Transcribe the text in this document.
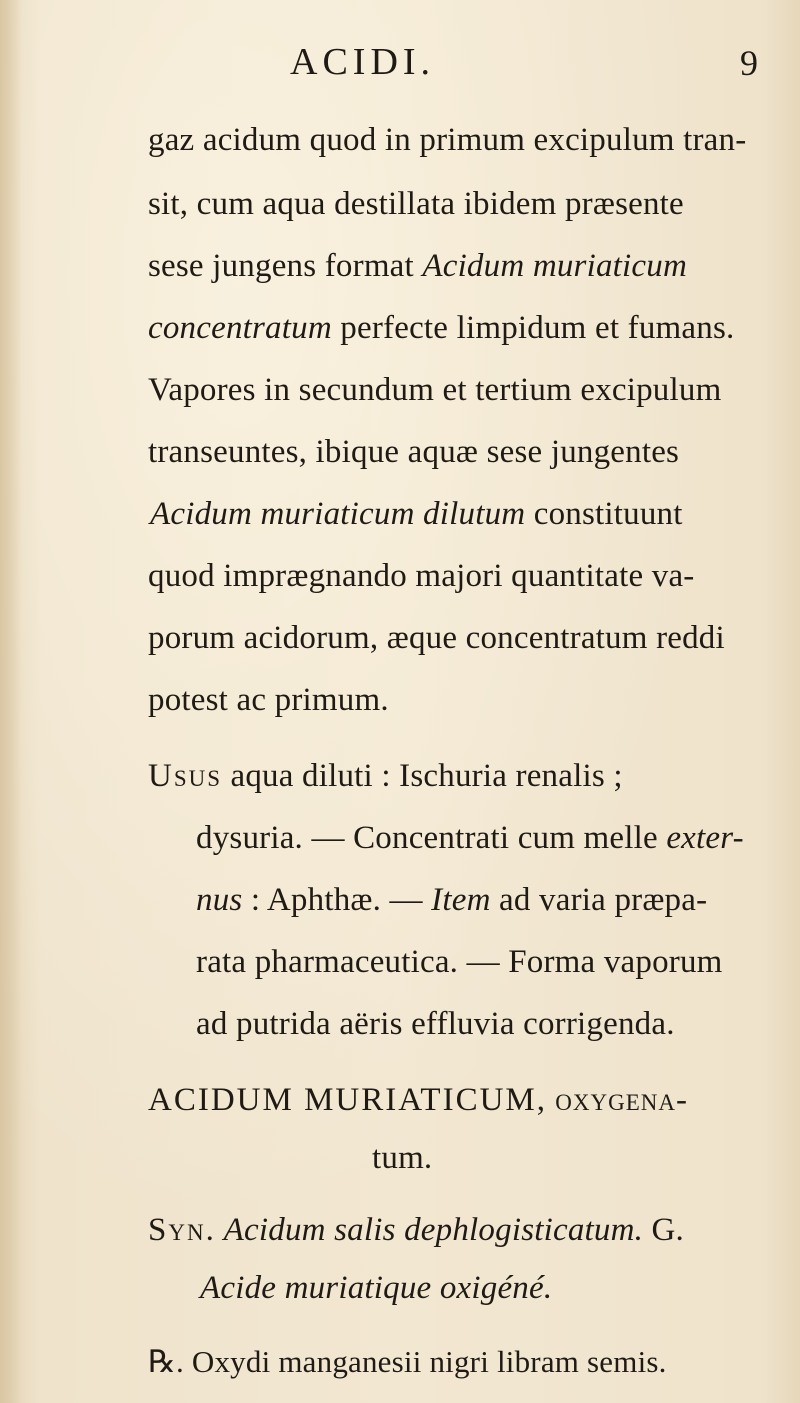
ACIDI.	9
gaz acidum quod in primum excipulum tran-
sit, cum aqua destillata ibidem præsente
sese jungens format Acidum muriaticum
concentratum perfecte limpidum et fumans.
Vapores in secundum et tertium excipulum
transeuntes, ibique aquæ sese jungentes
Acidum muriaticum dilutum constituunt
quod imprægnando majori quantitate va-
porum acidorum, æque concentratum reddi
potest ac primum.
Usus aqua diluti : Ischuria renalis ;
dysuria. — Concentrati cum melle exter-
nus : Aphthæ. — Item ad varia præpa-
rata pharmaceutica. — Forma vaporum
ad putrida aëris effluvia corrigenda.
ACIDUM MURIATICUM, oxygena-
tum.
Syn. Acidum salis dephlogisticatum. G.
Acide muriatique oxigéné.
℞. Oxydi manganesii nigri libram semis.
